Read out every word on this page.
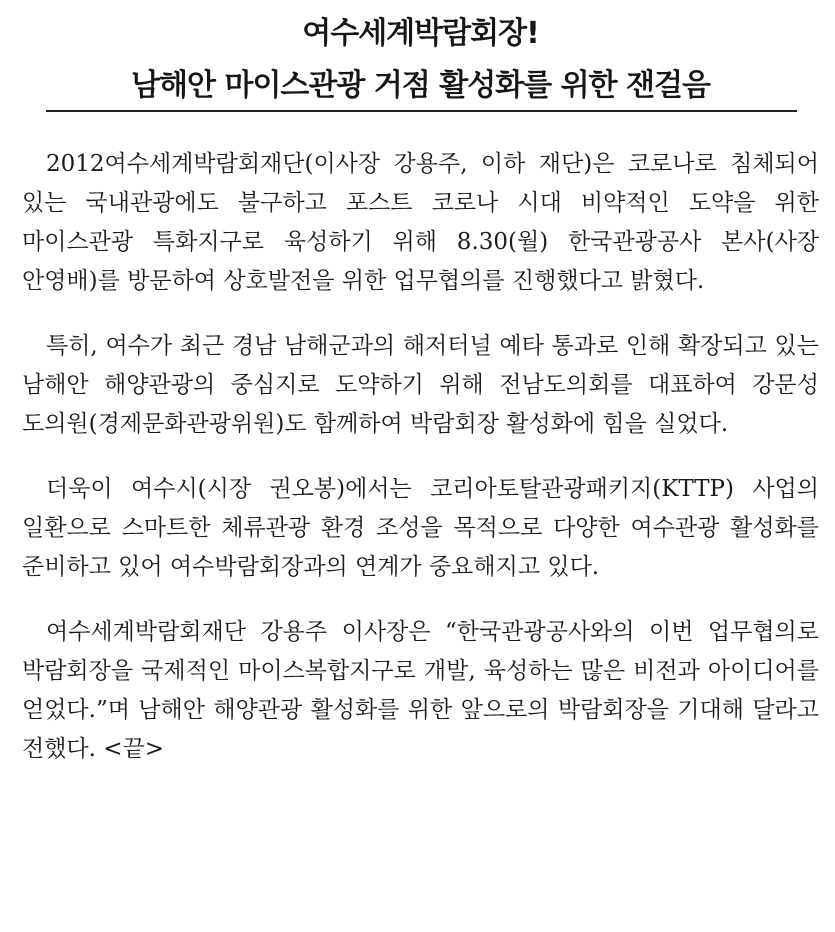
여수세계박람회장!
남해안 마이스관광 거점 활성화를 위한 잰걸음

2012여수세계박람회재단(이사장 강용주, 이하 재단)은 코로나로 침체되어 있는 국내관광에도 불구하고 포스트 코로나 시대 비약적인 도약을 위한 마이스관광 특화지구로 육성하기 위해 8.30(월) 한국관광공사 본사(사장 안영배)를 방문하여 상호발전을 위한 업무협의를 진행했다고 밝혔다.

특히, 여수가 최근 경남 남해군과의 해저터널 예타 통과로 인해 확장되고 있는 남해안 해양관광의 중심지로 도약하기 위해 전남도의회를 대표하여 강문성 도의원(경제문화관광위원)도 함께하여 박람회장 활성화에 힘을 실었다.

더욱이 여수시(시장 권오봉)에서는 코리아토탈관광패키지(KTTP) 사업의 일환으로 스마트한 체류관광 환경 조성을 목적으로 다양한 여수관광 활성화를 준비하고 있어 여수박람회장과의 연계가 중요해지고 있다.

여수세계박람회재단 강용주 이사장은 “한국관광공사와의 이번 업무협의로 박람회장을 국제적인 마이스복합지구로 개발, 육성하는 많은 비전과 아이디어를 얻었다.”며 남해안 해양관광 활성화를 위한 앞으로의 박람회장을 기대해 달라고 전했다. <끝>
